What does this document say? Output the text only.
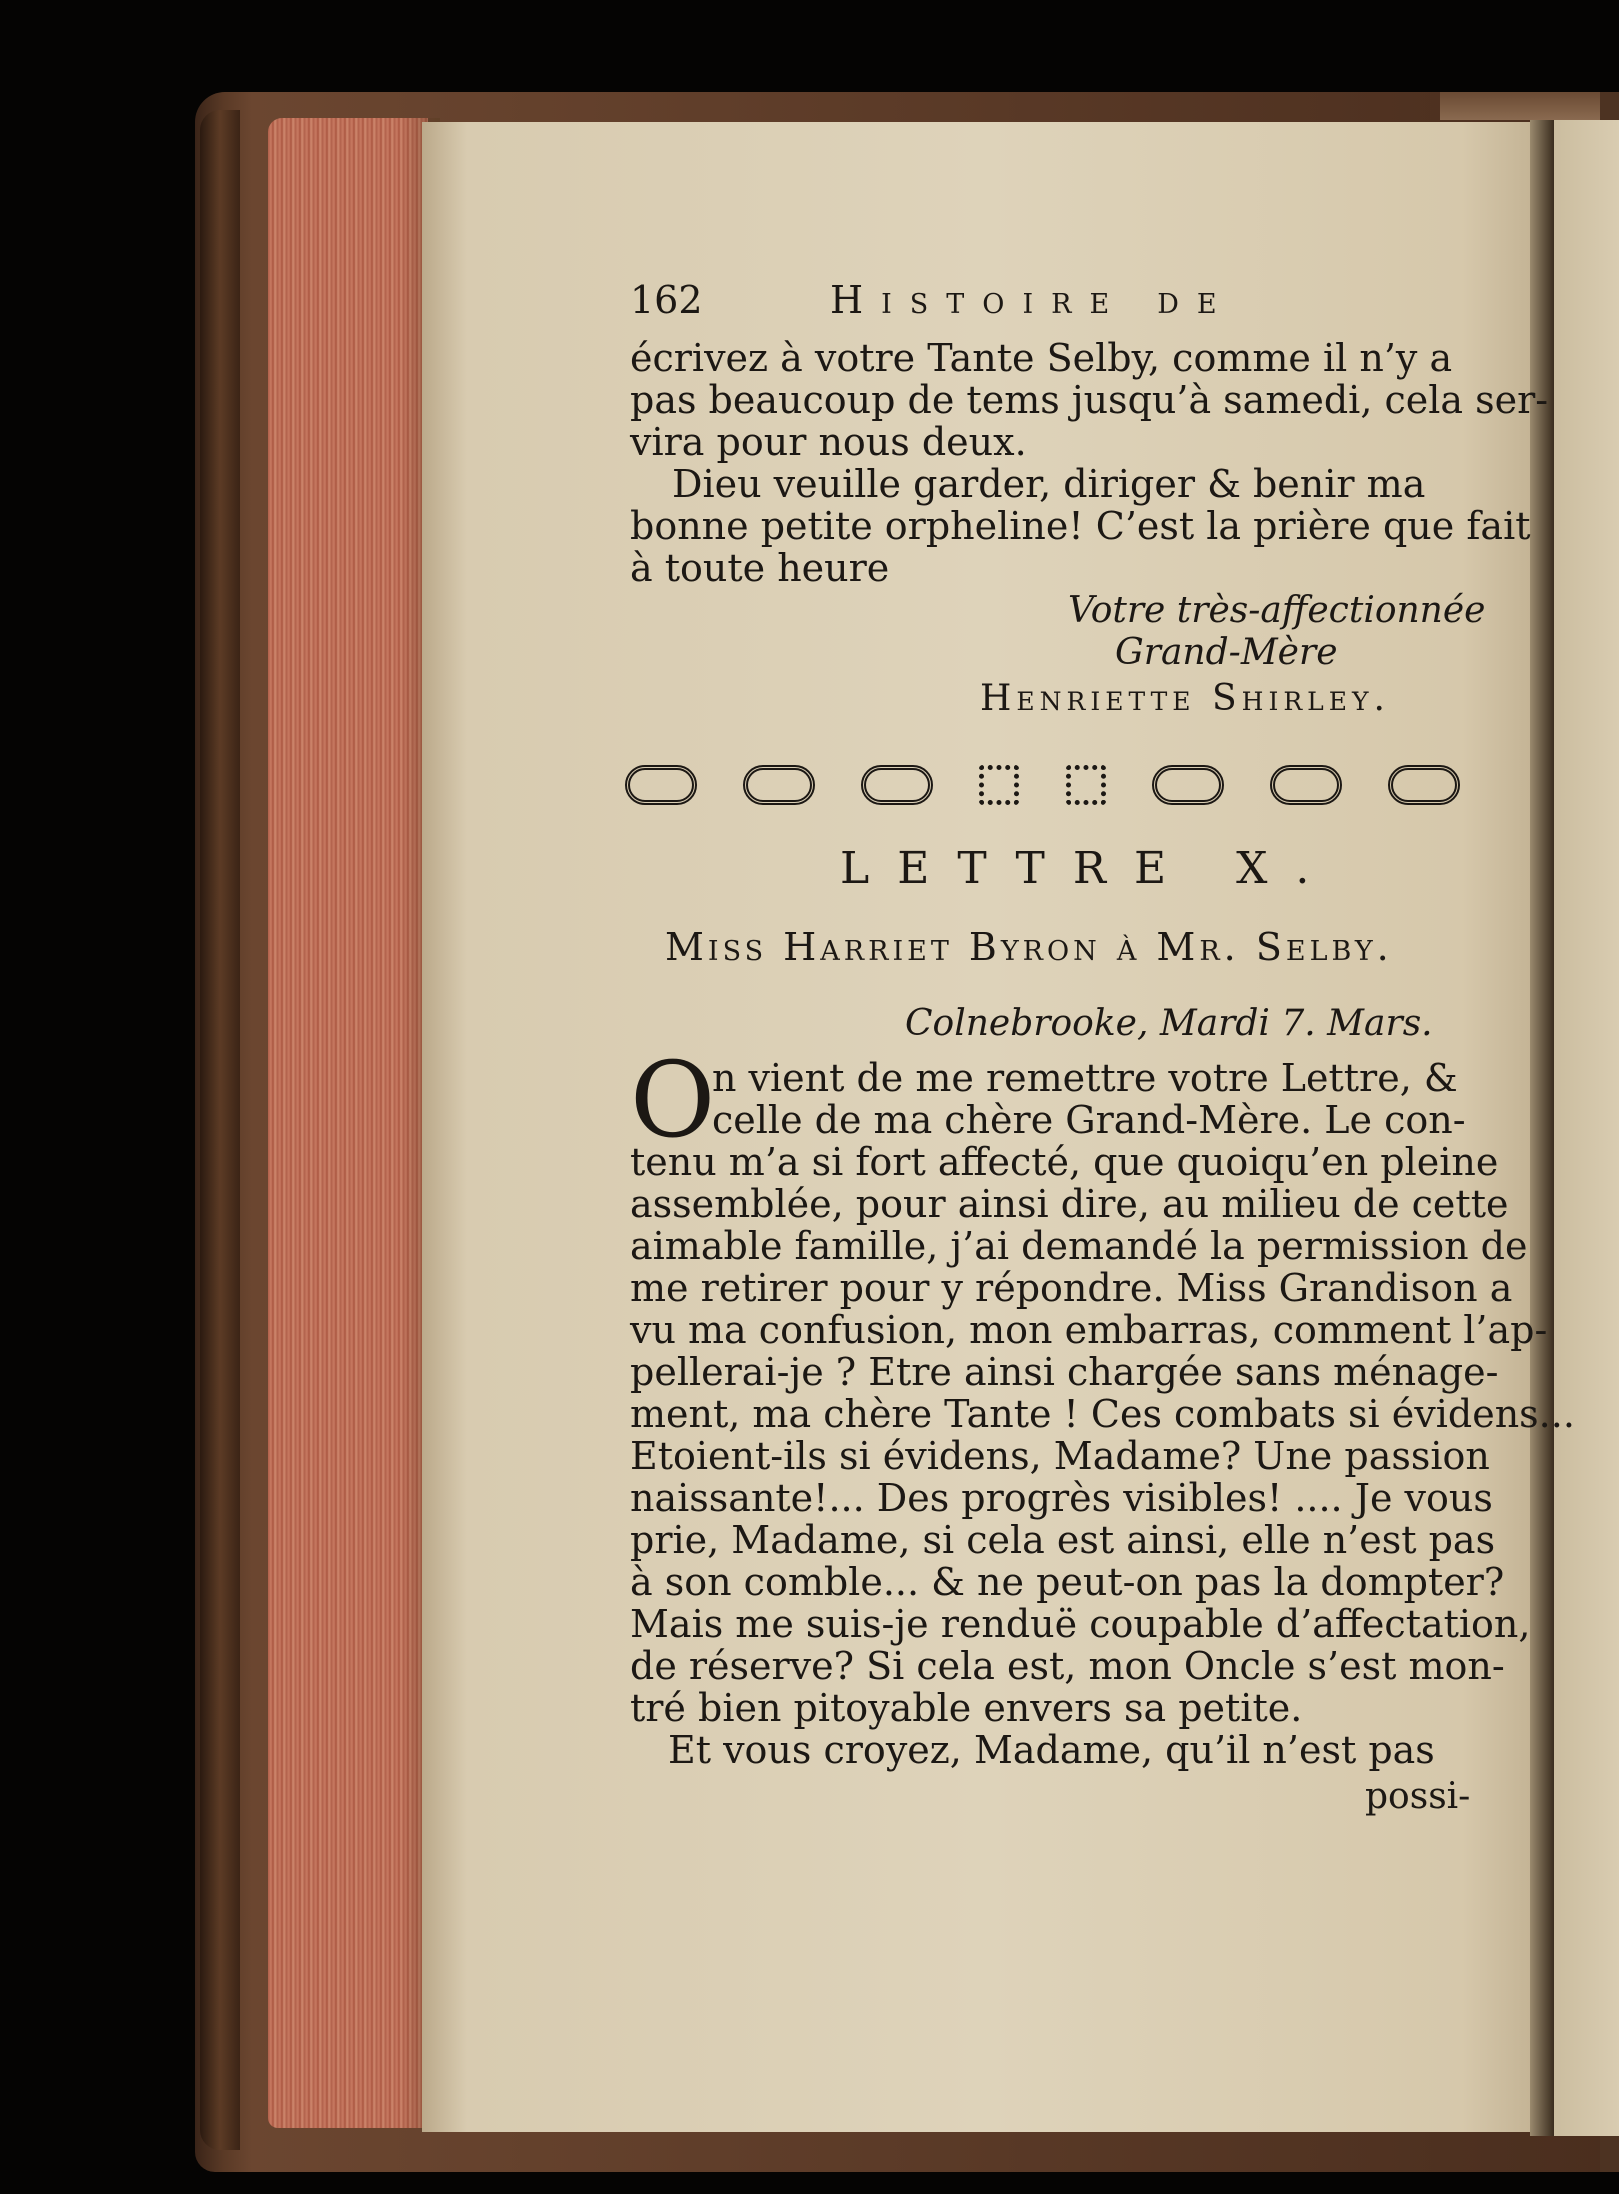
162	Histoire de
écrivez à votre Tante Selby, comme il n’y a
pas beaucoup de tems jusqu’à samedi, cela ser-
vira pour nous deux.
Dieu veuille garder, diriger & benir ma
bonne petite orpheline! C’est la prière que fait
à toute heure
Votre très-affectionnée
Grand-Mère
Henriette Shirley.
LETTRE X.
Miss Harriet Byron à Mr. Selby.
Colnebrooke, Mardi 7. Mars.
O
n vient de me remettre votre Lettre, &
celle de ma chère Grand-Mère. Le con-
tenu m’a si fort affecté, que quoiqu’en pleine
assemblée, pour ainsi dire, au milieu de cette
aimable famille, j’ai demandé la permission de
me retirer pour y répondre. Miss Grandison a
vu ma confusion, mon embarras, comment l’ap-
pellerai-je ? Etre ainsi chargée sans ménage-
ment, ma chère Tante ! Ces combats si évidens...
Etoient-ils si évidens, Madame? Une passion
naissante!... Des progrès visibles! .... Je vous
prie, Madame, si cela est ainsi, elle n’est pas
à son comble... & ne peut-on pas la dompter?
Mais me suis-je renduë coupable d’affectation,
de réserve? Si cela est, mon Oncle s’est mon-
tré bien pitoyable envers sa petite.
Et vous croyez, Madame, qu’il n’est pas
possi-
